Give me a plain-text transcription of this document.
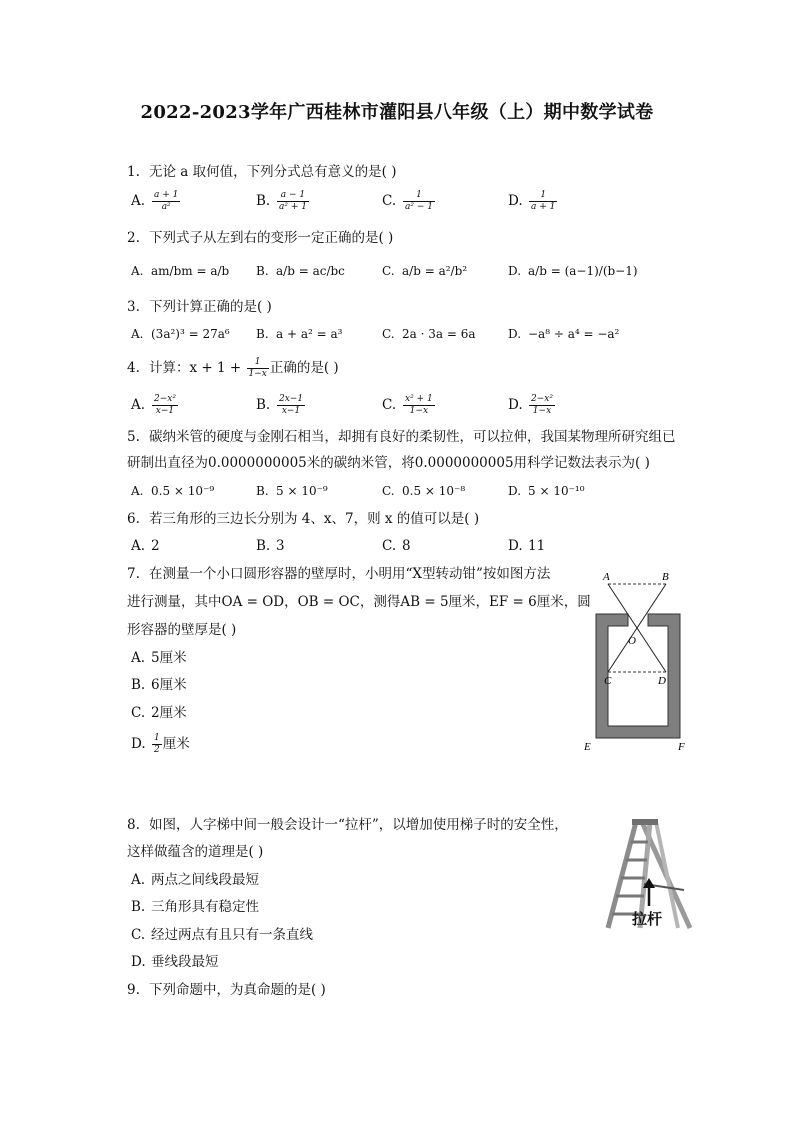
2022-2023学年广西桂林市灌阳县八年级（上）期中数学试卷
1. 无论 a 取何值，下列分式总有意义的是( )
A. $\frac{a + 1}{\text{a²}}$	B. $\frac{a - 1}{\text{a² + 1}}$	C. $\frac{1}{\text{a² − 1}}$	D. $\frac{1}{a + 1}$
2. 下列式子从左到右的变形一定正确的是( )
A. am/bm = a/b B. a/b = ac/bc	C. a/b = a²/b²	D. a/b = (a−1)/(b−1)
3. 下列计算正确的是( )
A. (3a²)³ = 27a⁶ B. a + a² = a³	C. 2a · 3a = 6a	D. −a⁸ ÷ a⁴ = −a²
4. 计算：$x + 1 + \frac{1}{1-x}$ 正确的是( )
A. $\frac{\text{2−x²}}{x-1}$	B. $\frac{2x-1}{x-1}$	C. $\frac{\text{x² + 1}}{1-x}$	D. $\frac{\text{2−x²}}{1-x}$
5. 碳纳米管的硬度与金刚石相当，却拥有良好的柔韧性，可以拉伸，我国某物理所研究组已
研制出直径为0.0000000005米的碳纳米管，将0.0000000005用科学记数法表示为( )
A. 0.5 × 10⁻⁹	B. 5 × 10⁻⁹	C. 0.5 × 10⁻⁸	D. 5 × 10⁻¹⁰
6. 若三角形的三边长分别为 4、x、7，则 x 的值可以是( )
A. 2	B. 3	C. 8	D. 11
7. 在测量一个小口圆形容器的壁厚时，小明用“X型转动钳”按如图方法
进行测量，其中OA = OD，OB = OC，测得AB = 5厘米，EF = 6厘米，圆
形容器的壁厚是( )
A. 5厘米
B. 6厘米
C. 2厘米
D. $\frac{1}{2}$ 厘米
A	B
O
C	D
E	F
8. 如图，人字梯中间一般会设计一“拉杆”，以增加使用梯子时的安全性，
这样做蕴含的道理是( )
A. 两点之间线段最短
B. 三角形具有稳定性
C. 经过两点有且只有一条直线
D. 垂线段最短
拉杆
9. 下列命题中，为真命题的是( )
